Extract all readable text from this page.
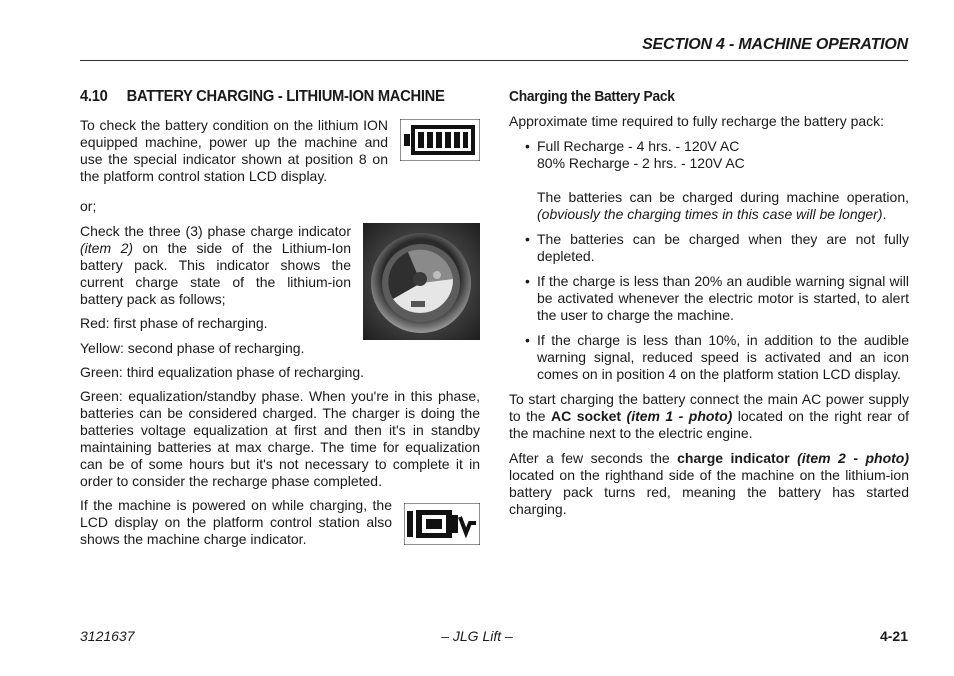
SECTION 4 - MACHINE OPERATION
4.10     BATTERY CHARGING - LITHIUM-ION MACHINE

To check the battery condition on the lithium ION equipped machine, power up the machine and use the special indicator shown at position 8 on the platform control station LCD display.

or;

Check the three (3) phase charge indicator (item 2) on the side of the Lithium-Ion battery pack. This indicator shows the current charge state of the lithium-ion battery pack as follows;

Red: first phase of recharging.

Yellow: second phase of recharging.

Green: third equalization phase of recharging.

Green: equalization/standby phase. When you're in this phase, batteries can be considered charged. The charger is doing the batteries voltage equalization at first and then it's in standby maintaining batteries at max charge. The time for equalization can be of some hours but it's not necessary to complete it in order to consider the recharge phase completed.

If the machine is powered on while charging, the LCD display on the platform control station also shows the machine charge indicator.

Charging the Battery Pack

Approximate time required to fully recharge the battery pack:

• Full Recharge - 4 hrs. - 120V AC
80% Recharge - 2 hrs. - 120V AC
The batteries can be charged during machine operation, (obviously the charging times in this case will be longer).
• The batteries can be charged when they are not fully depleted.
• If the charge is less than 20% an audible warning signal will be activated whenever the electric motor is started, to alert the user to charge the machine.
• If the charge is less than 10%, in addition to the audible warning signal, reduced speed is activated and an icon comes on in position 4 on the platform station LCD display.

To start charging the battery connect the main AC power supply to the AC socket (item 1 - photo) located on the right rear of the machine next to the electric engine.

After a few seconds the charge indicator (item 2 - photo) located on the righthand side of the machine on the lithium-ion battery pack turns red, meaning the battery has started charging.

– JLG Lift –
3121637	4-21
